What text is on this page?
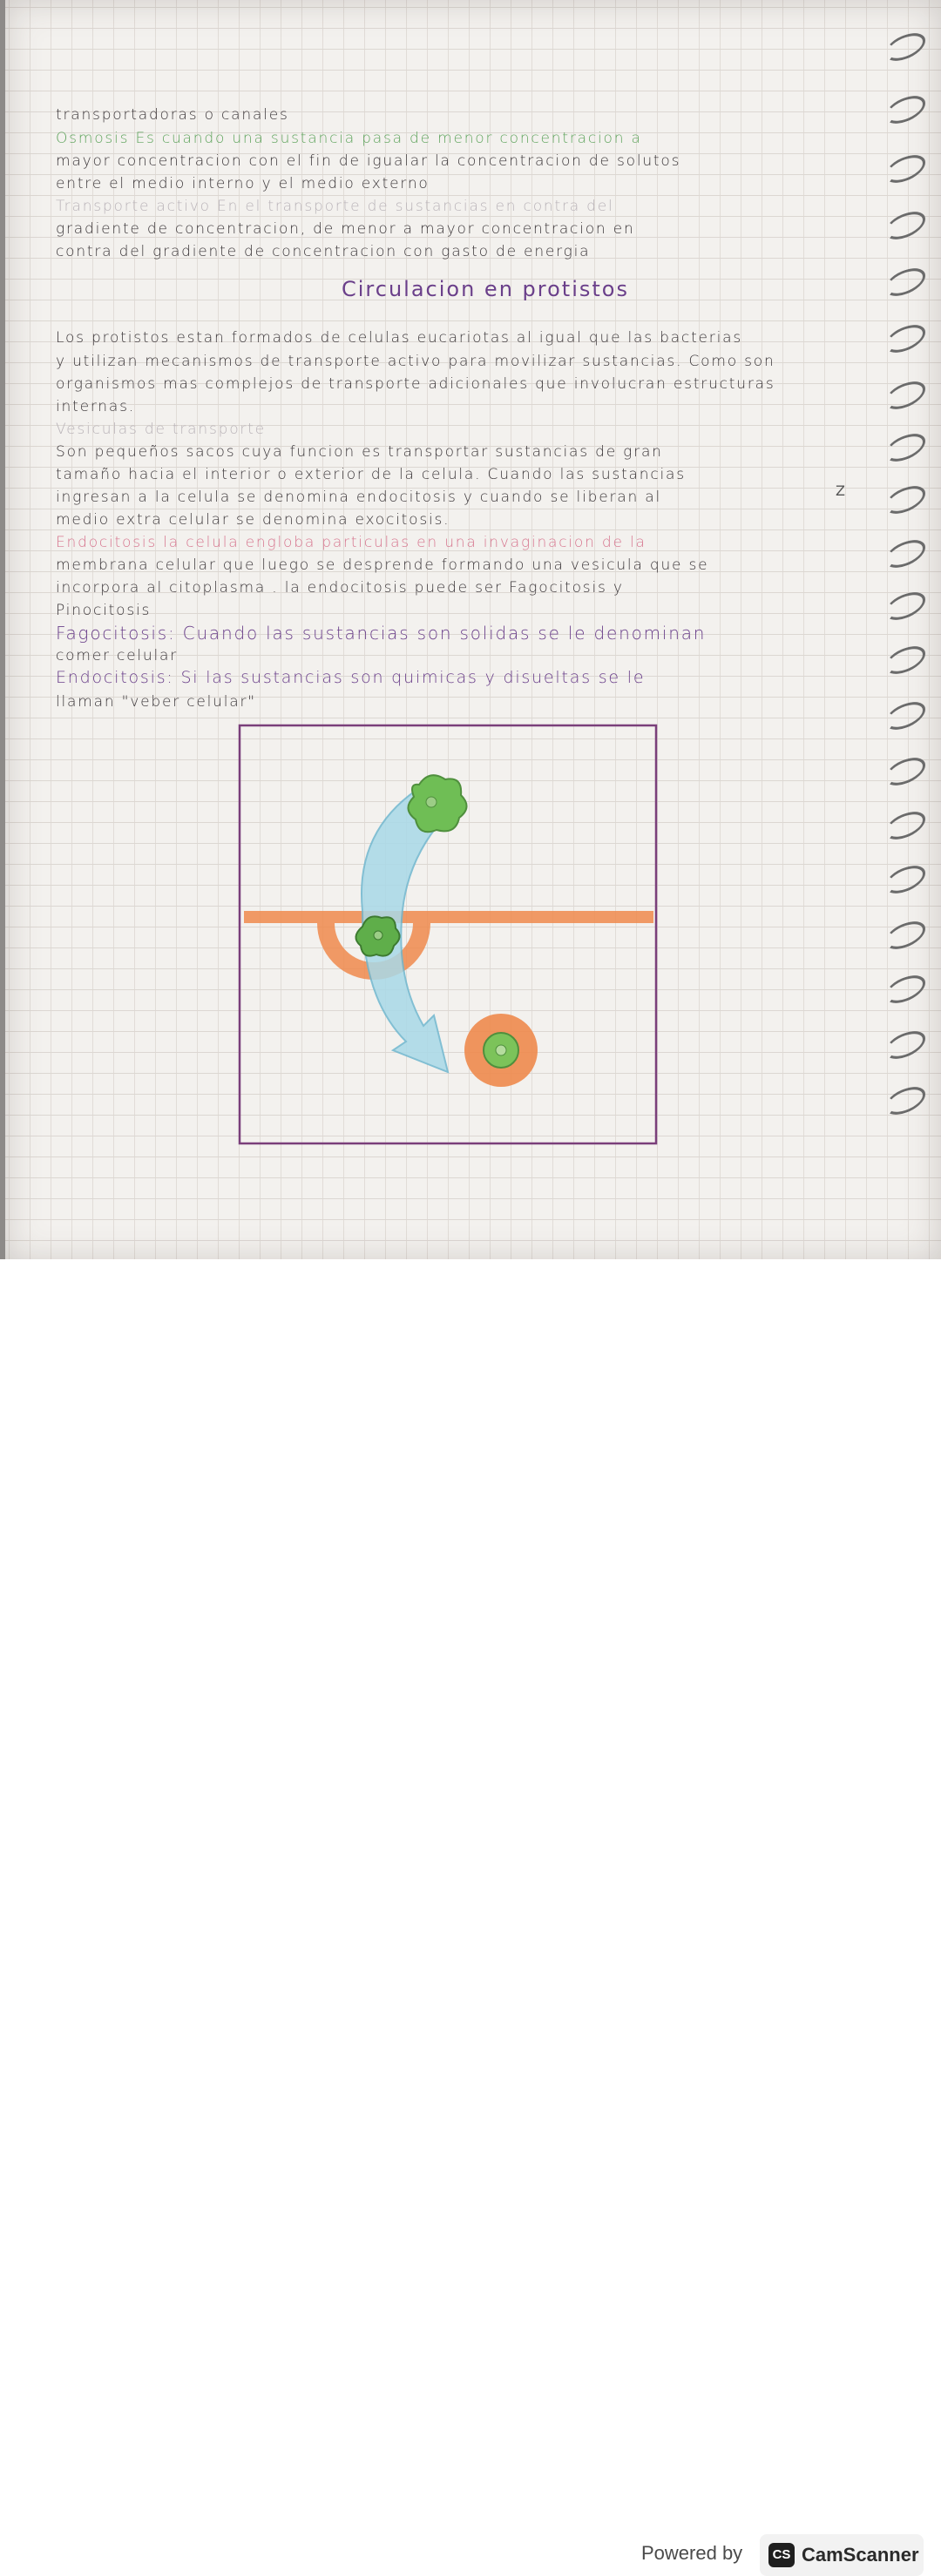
transportadoras o canales
Osmosis Es cuando una sustancia pasa de menor concentracion a
mayor concentracion con el fin de igualar la concentracion de solutos
entre el medio interno y el medio externo
Transporte activo En el transporte de sustancias en contra del
gradiente de concentracion, de menor a mayor concentracion en
contra del gradiente de concentracion con gasto de energia
Los protistos estan formados de celulas eucariotas al igual que las bacterias
y utilizan mecanismos de transporte activo para movilizar sustancias. Como son
organismos mas complejos de transporte adicionales que involucran estructuras
internas.
Vesiculas de transporte
Son pequeños sacos cuya funcion es transportar sustancias de gran
tamaño hacia el interior o exterior de la celula. Cuando las sustancias
ingresan a la celula se denomina endocitosis y cuando se liberan al
medio extra celular se denomina exocitosis.
Endocitosis la celula engloba particulas en una invaginacion de la
membrana celular que luego se desprende formando una vesicula que se
incorpora al citoplasma . la endocitosis puede ser Fagocitosis y
Pinocitosis
Fagocitosis: Cuando las sustancias son solidas se le denominan
comer celular
Endocitosis: Si las sustancias son quimicas y disueltas se le
llaman "veber celular"
Circulacion en protistos
Z
Powered by	CS CamScanner
